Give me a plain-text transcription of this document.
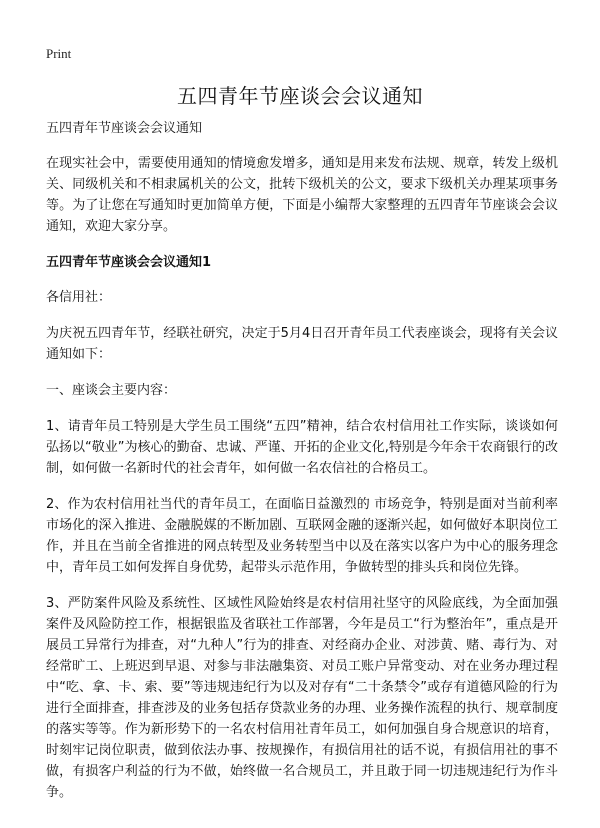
Print
五四青年节座谈会会议通知

五四青年节座谈会会议通知

在现实社会中，需要使用通知的情境愈发增多，通知是用来发布法规、规章，转发上级机关、同级机关和不相隶属机关的公文，批转下级机关的公文，要求下级机关办理某项事务等。为了让您在写通知时更加简单方便，下面是小编帮大家整理的五四青年节座谈会会议通知，欢迎大家分享。

五四青年节座谈会会议通知1

各信用社：

为庆祝五四青年节，经联社研究，决定于5月4日召开青年员工代表座谈会，现将有关会议通知如下：

一、座谈会主要内容：

1、请青年员工特别是大学生员工围绕“五四”精神，结合农村信用社工作实际，谈谈如何弘扬以“敬业”为核心的勤奋、忠诚、严谨、开拓的企业文化,特别是今年余干农商银行的改制，如何做一名新时代的社会青年，如何做一名农信社的合格员工。

2、作为农村信用社当代的青年员工，在面临日益激烈的 市场竞争，特别是面对当前利率市场化的深入推进、金融脱媒的不断加剧、互联网金融的逐渐兴起，如何做好本职岗位工作，并且在当前全省推进的网点转型及业务转型当中以及在落实以客户为中心的服务理念中，青年员工如何发挥自身优势，起带头示范作用，争做转型的排头兵和岗位先锋。

3、严防案件风险及系统性、区域性风险始终是农村信用社坚守的风险底线，为全面加强案件及风险防控工作，根据银监及省联社工作部署，今年是员工“行为整治年”，重点是开展员工异常行为排查，对“九种人”行为的排查、对经商办企业、对涉黄、赌、毒行为、对经常旷工、上班迟到早退、对参与非法融集资、对员工账户异常变动、对在业务办理过程中“吃、拿、卡、索、要”等违规违纪行为以及对存有“二十条禁令”或存有道德风险的行为进行全面排查，排查涉及的业务包括存贷款业务的办理、业务操作流程的执行、规章制度的落实等等。作为新形势下的一名农村信用社青年员工，如何加强自身合规意识的培育，时刻牢记岗位职责，做到依法办事、按规操作，有损信用社的话不说，有损信用社的事不做，有损客户利益的行为不做，始终做一名合规员工，并且敢于同一切违规违纪行为作斗争。
